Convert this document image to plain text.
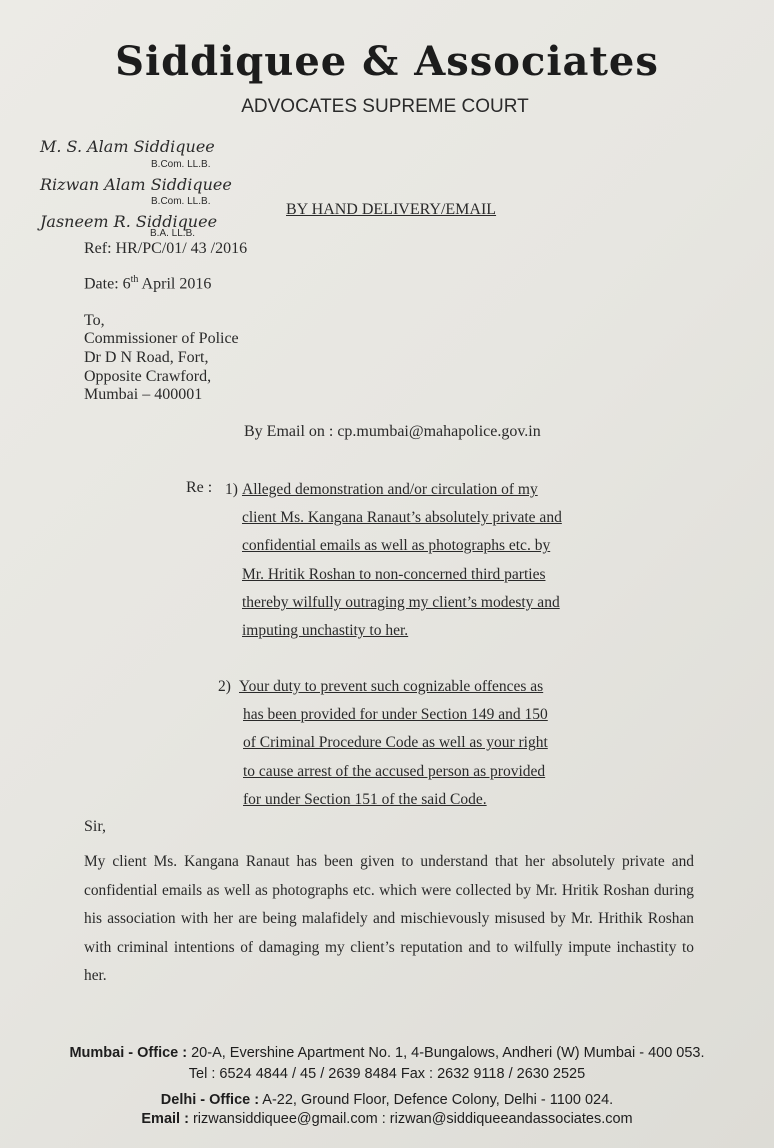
Siddiquee & Associates
ADVOCATES SUPREME COURT
M. S. Alam Siddiquee
B.Com. LL.B.
Rizwan Alam Siddiquee
B.Com. LL.B.
Jasneem R. Siddiquee
B.A. LL.B.
BY HAND DELIVERY/EMAIL
Ref: HR/PC/01/ 43 /2016
Date: 6th April 2016
To,
Commissioner of Police
Dr D N Road, Fort,
Opposite Crawford,
Mumbai – 400001
By Email on : cp.mumbai@mahapolice.gov.in
Re : 1) Alleged demonstration and/or circulation of my
client Ms. Kangana Ranaut’s absolutely private and
confidential emails as well as photographs etc. by
Mr. Hritik Roshan to non-concerned third parties
thereby wilfully outraging my client’s modesty and
imputing unchastity to her.
2) Your duty to prevent such cognizable offences as
has been provided for under Section 149 and 150
of Criminal Procedure Code as well as your right
to cause arrest of the accused person as provided
for under Section 151 of the said Code.
Sir,
My client Ms. Kangana Ranaut has been given to understand that her absolutely private and confidential emails as well as photographs etc. which were collected by Mr. Hritik Roshan during his association with her are being malafidely and mischievously misused by Mr. Hrithik Roshan with criminal intentions of damaging my client’s reputation and to wilfully impute inchastity to her.
Mumbai - Office : 20-A, Evershine Apartment No. 1, 4-Bungalows, Andheri (W) Mumbai - 400 053.
Tel : 6524 4844 / 45 / 2639 8484 Fax : 2632 9118 / 2630 2525
Delhi - Office : A-22, Ground Floor, Defence Colony, Delhi - 1100 024.
Email : rizwansiddiquee@gmail.com : rizwan@siddiqueeandassociates.com
